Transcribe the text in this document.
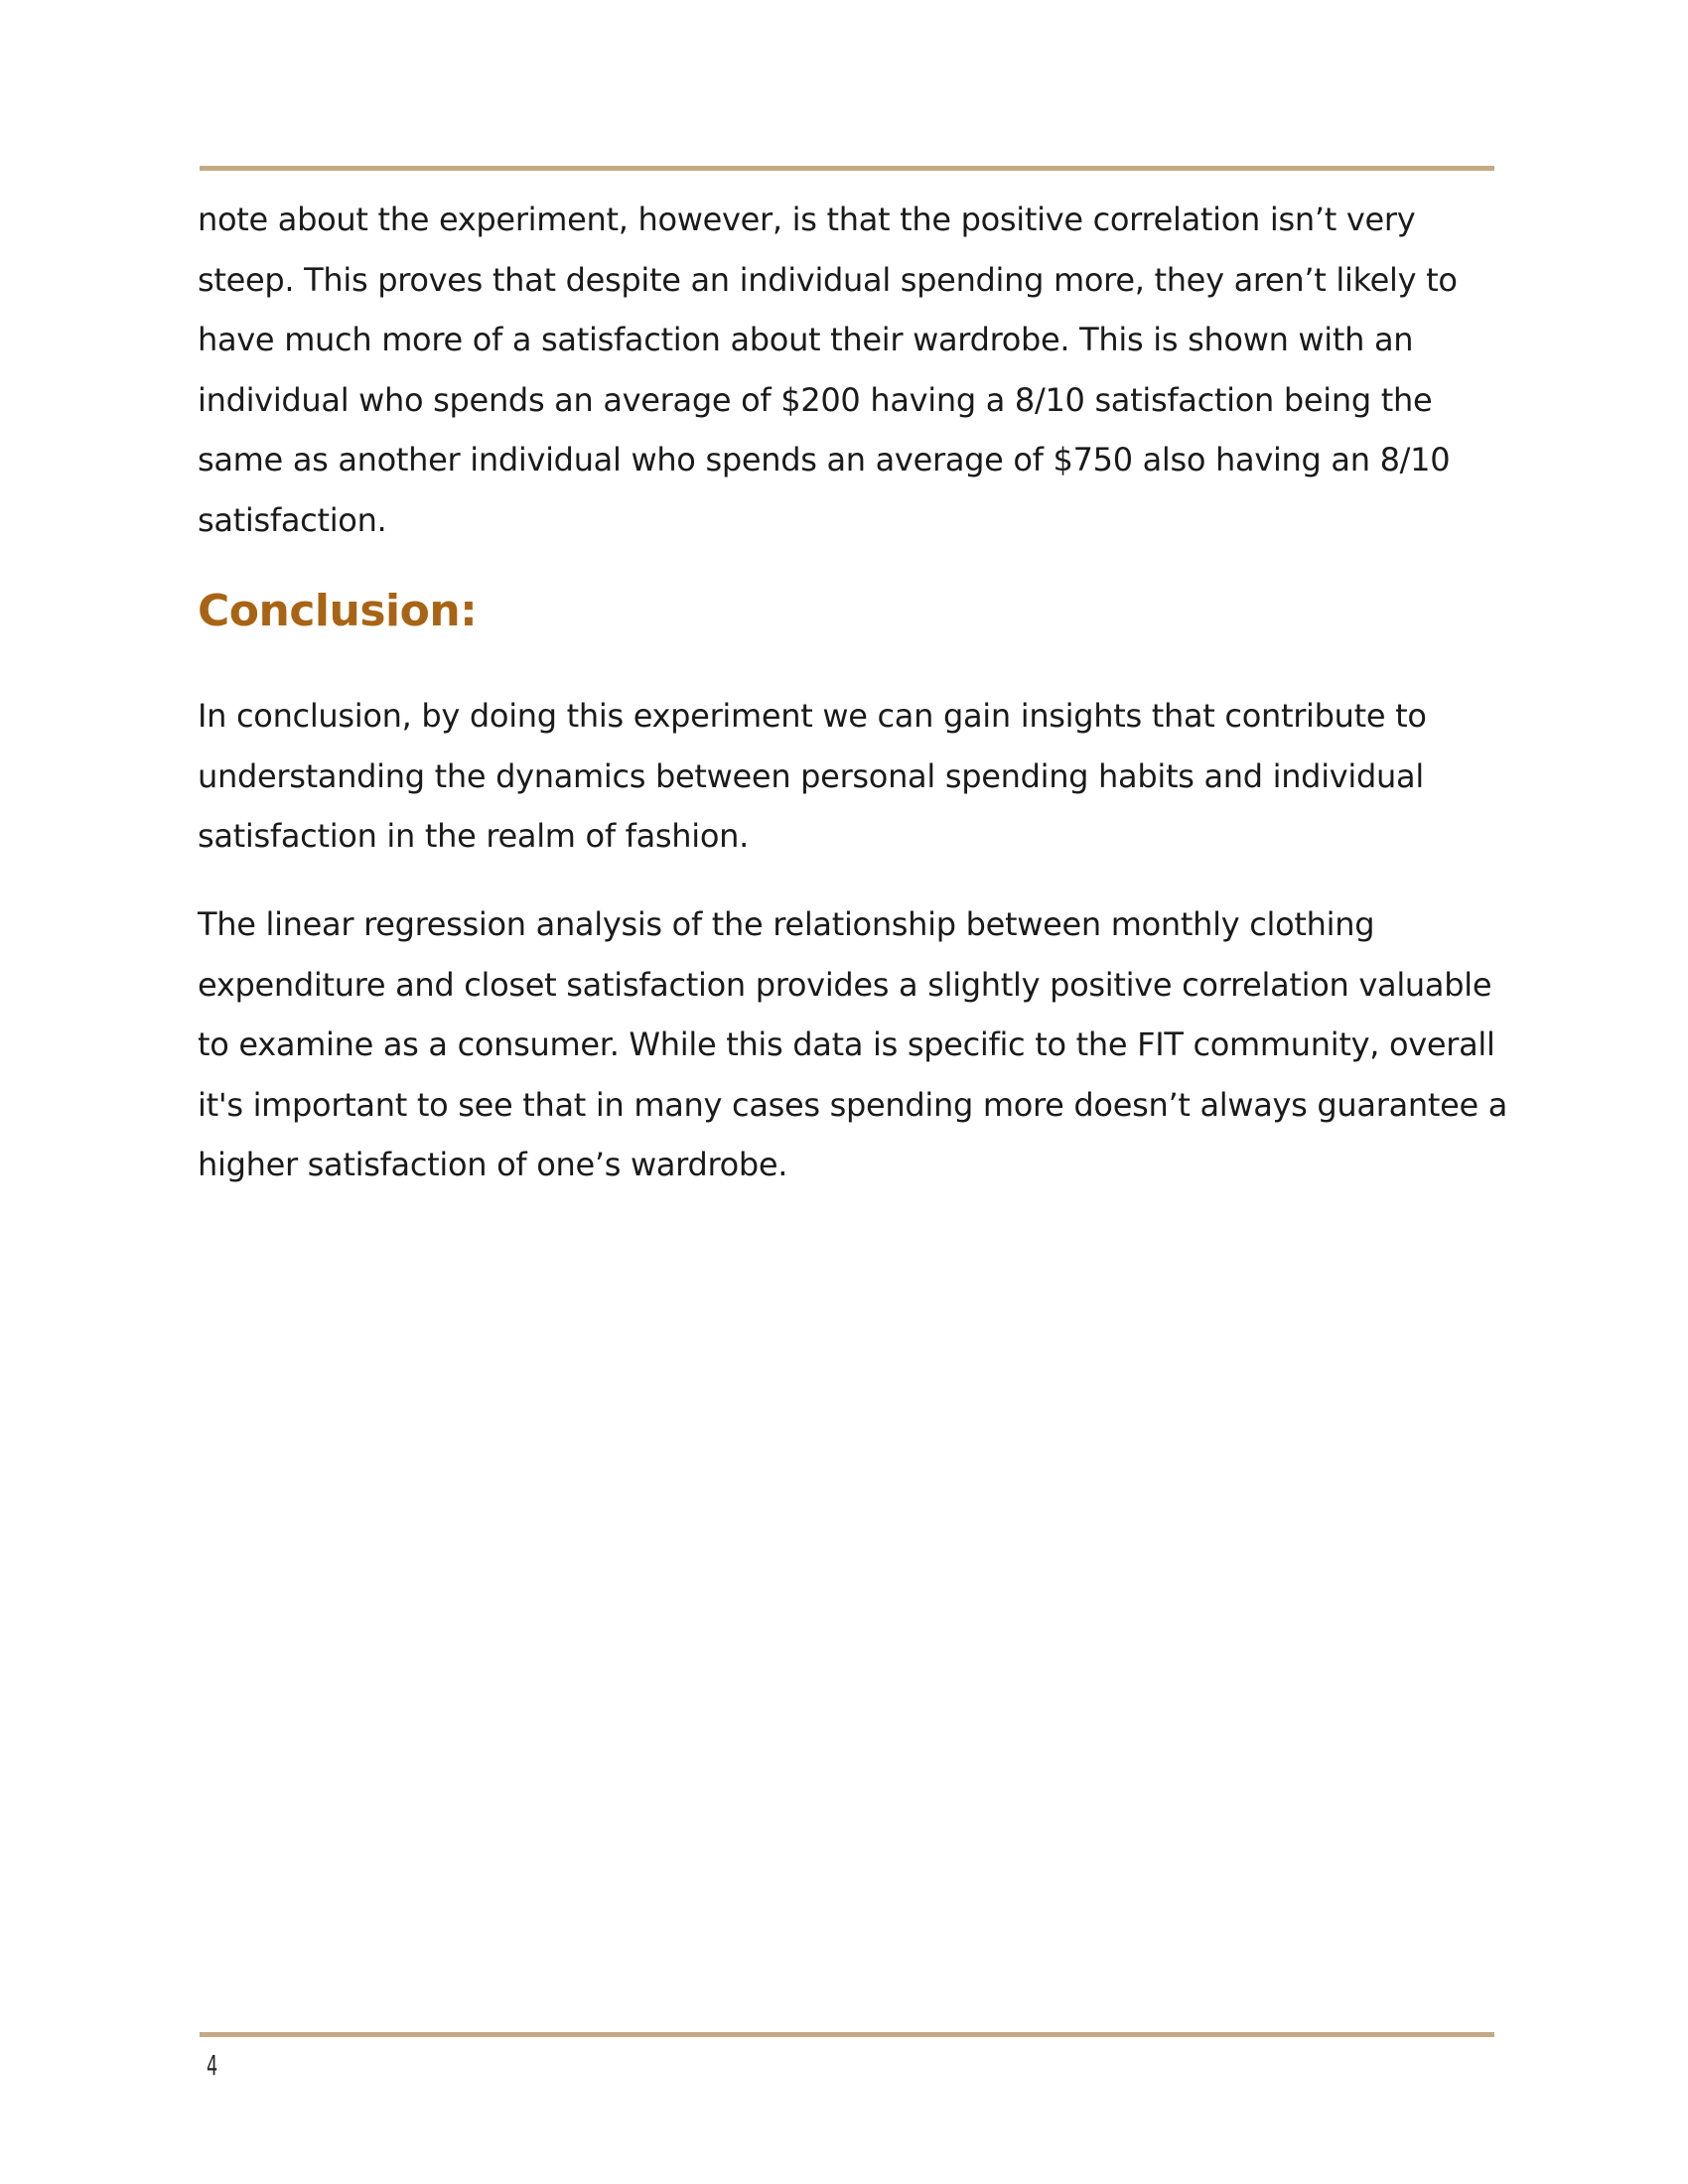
note about the experiment, however, is that the positive correlation isn’t very steep. This proves that despite an individual spending more, they aren’t likely to have much more of a satisfaction about their wardrobe. This is shown with an individual who spends an average of $200 having a 8/10 satisfaction being the same as another individual who spends an average of $750 also having an 8/10 satisfaction.

Conclusion:

In conclusion, by doing this experiment we can gain insights that contribute to understanding the dynamics between personal spending habits and individual satisfaction in the realm of fashion.

The linear regression analysis of the relationship between monthly clothing expenditure and closet satisfaction provides a slightly positive correlation valuable to examine as a consumer. While this data is specific to the FIT community, overall it's important to see that in many cases spending more doesn’t always guarantee a higher satisfaction of one’s wardrobe.

4
